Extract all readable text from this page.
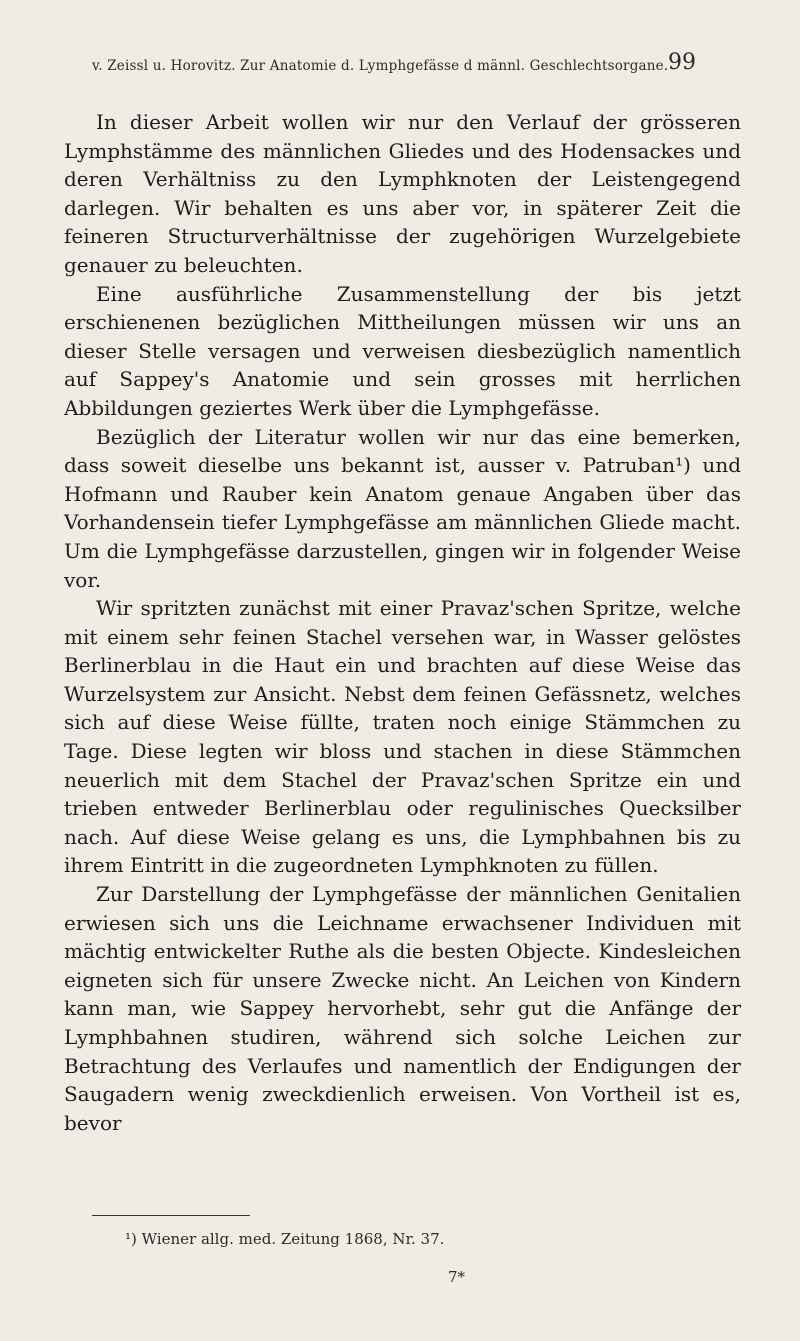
v. Zeissl u. Horovitz. Zur Anatomie d. Lymphgefässe d männl. Geschlechtsorgane. 99

In dieser Arbeit wollen wir nur den Verlauf der grösseren Lymphstämme des männlichen Gliedes und des Hodensackes und deren Verhältniss zu den Lymphknoten der Leistengegend darlegen. Wir behalten es uns aber vor, in späterer Zeit die feineren Structurverhältnisse der zugehörigen Wurzelgebiete genauer zu beleuchten.

Eine ausführliche Zusammenstellung der bis jetzt erschienenen bezüglichen Mittheilungen müssen wir uns an dieser Stelle versagen und verweisen diesbezüglich namentlich auf Sappey's Anatomie und sein grosses mit herrlichen Abbildungen geziertes Werk über die Lymphgefässe.

Bezüglich der Literatur wollen wir nur das eine bemerken, dass soweit dieselbe uns bekannt ist, ausser v. Patruban¹) und Hofmann und Rauber kein Anatom genaue Angaben über das Vorhandensein tiefer Lymphgefässe am männlichen Gliede macht. Um die Lymphgefässe darzustellen, gingen wir in folgender Weise vor.

Wir spritzten zunächst mit einer Pravaz'schen Spritze, welche mit einem sehr feinen Stachel versehen war, in Wasser gelöstes Berlinerblau in die Haut ein und brachten auf diese Weise das Wurzelsystem zur Ansicht. Nebst dem feinen Gefässnetz, welches sich auf diese Weise füllte, traten noch einige Stämmchen zu Tage. Diese legten wir bloss und stachen in diese Stämmchen neuerlich mit dem Stachel der Pravaz'schen Spritze ein und trieben entweder Berlinerblau oder regulinisches Quecksilber nach. Auf diese Weise gelang es uns, die Lymphbahnen bis zu ihrem Eintritt in die zugeordneten Lymphknoten zu füllen.

Zur Darstellung der Lymphgefässe der männlichen Genitalien erwiesen sich uns die Leichname erwachsener Individuen mit mächtig entwickelter Ruthe als die besten Objecte. Kindesleichen eigneten sich für unsere Zwecke nicht. An Leichen von Kindern kann man, wie Sappey hervorhebt, sehr gut die Anfänge der Lymphbahnen studiren, während sich solche Leichen zur Betrachtung des Verlaufes und namentlich der Endigungen der Saugadern wenig zweckdienlich erweisen. Von Vortheil ist es, bevor

¹) Wiener allg. med. Zeitung 1868, Nr. 37.
7*
